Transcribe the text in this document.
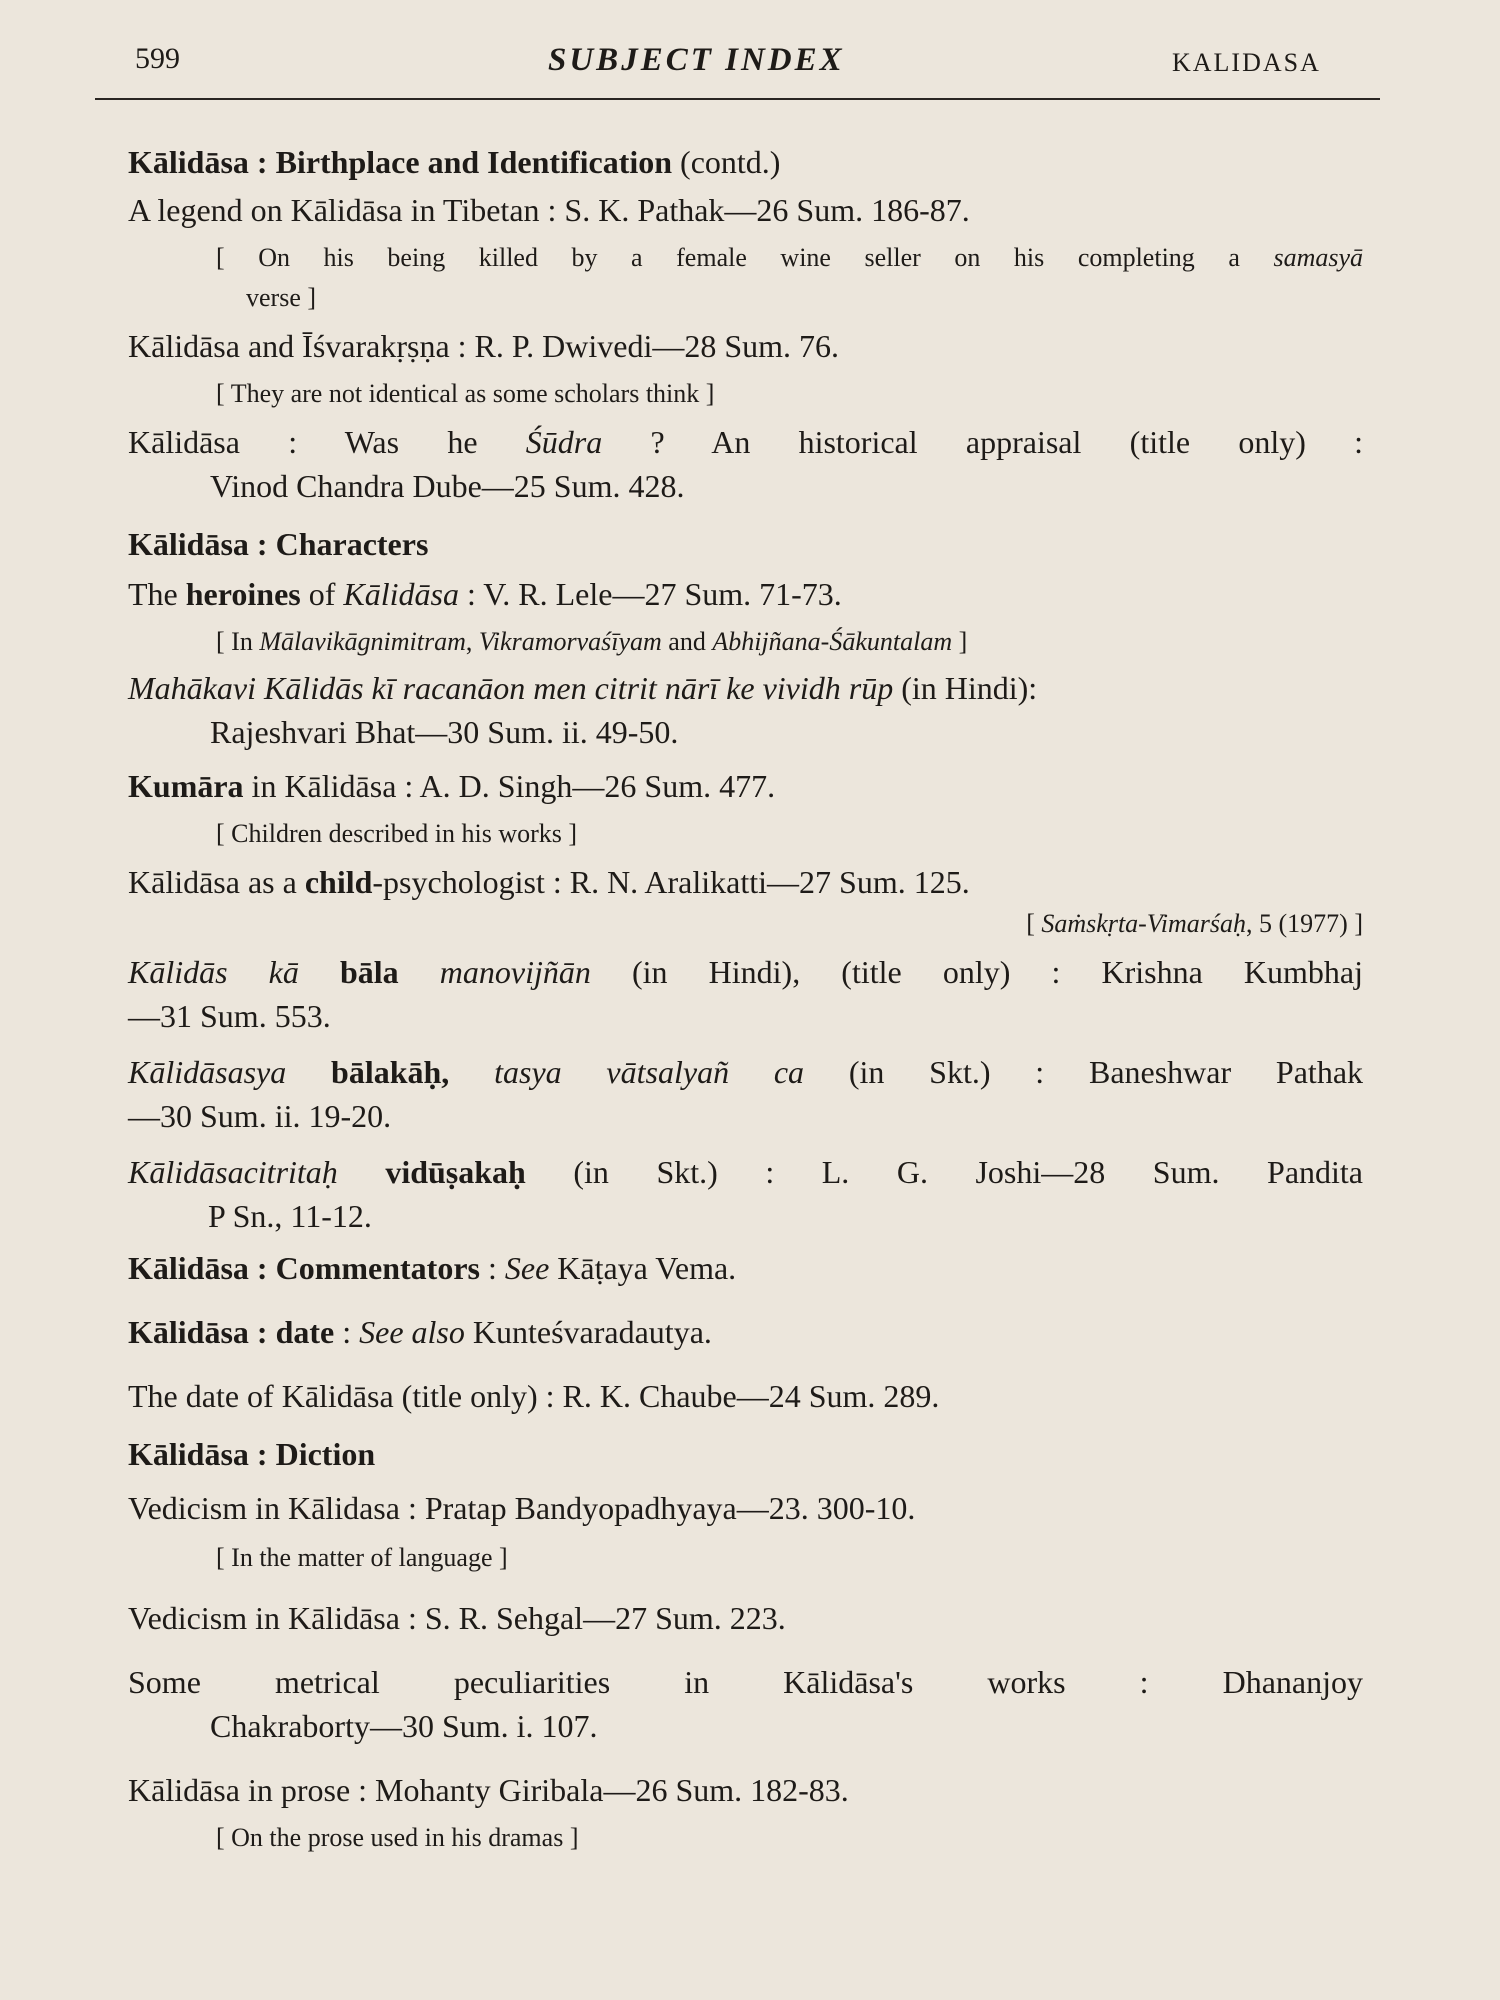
599	SUBJECT INDEX	KALIDASA
Kālidāsa : Birthplace and Identification (contd.)
A legend on Kālidāsa in Tibetan : S. K. Pathak—26 Sum. 186-87.
[ On his being killed by a female wine seller on his completing a samasyā
verse ]
Kālidāsa and Īśvarakṛṣṇa : R. P. Dwivedi—28 Sum. 76.
[ They are not identical as some scholars think ]
Kālidāsa : Was he Śūdra ? An historical appraisal (title only) :
Vinod Chandra Dube—25 Sum. 428.
Kālidāsa : Characters
The heroines of Kālidāsa : V. R. Lele—27 Sum. 71-73.
[ In Mālavikāgnimitram, Vikramorvaśīyam and Abhijñana-Śākuntalam ]
Mahākavi Kālidās kī racanāon men citrit nārī ke vividh rūp (in Hindi):
Rajeshvari Bhat—30 Sum. ii. 49-50.
Kumāra in Kālidāsa : A. D. Singh—26 Sum. 477.
[ Children described in his works ]
Kālidāsa as a child-psychologist : R. N. Aralikatti—27 Sum. 125.
[ Saṁskṛta-Vimarśaḥ, 5 (1977) ]
Kālidās kā bāla manovijñān (in Hindi), (title only) : Krishna Kumbhaj
—31 Sum. 553.
Kālidāsasya bālakāḥ, tasya vātsalyañ ca (in Skt.) : Baneshwar Pathak
—30 Sum. ii. 19-20.
Kālidāsacitritaḥ vidūṣakaḥ (in Skt.) : L. G. Joshi—28 Sum. Pandita
P Sn., 11-12.
Kālidāsa : Commentators : See Kāṭaya Vema.
Kālidāsa : date : See also Kunteśvaradautya.
The date of Kālidāsa (title only) : R. K. Chaube—24 Sum. 289.
Kālidāsa : Diction
Vedicism in Kālidasa : Pratap Bandyopadhyaya—23. 300-10.
[ In the matter of language ]
Vedicism in Kālidāsa : S. R. Sehgal—27 Sum. 223.
Some metrical peculiarities in Kālidāsa's works : Dhananjoy
Chakraborty—30 Sum. i. 107.
Kālidāsa in prose : Mohanty Giribala—26 Sum. 182-83.
[ On the prose used in his dramas ]
